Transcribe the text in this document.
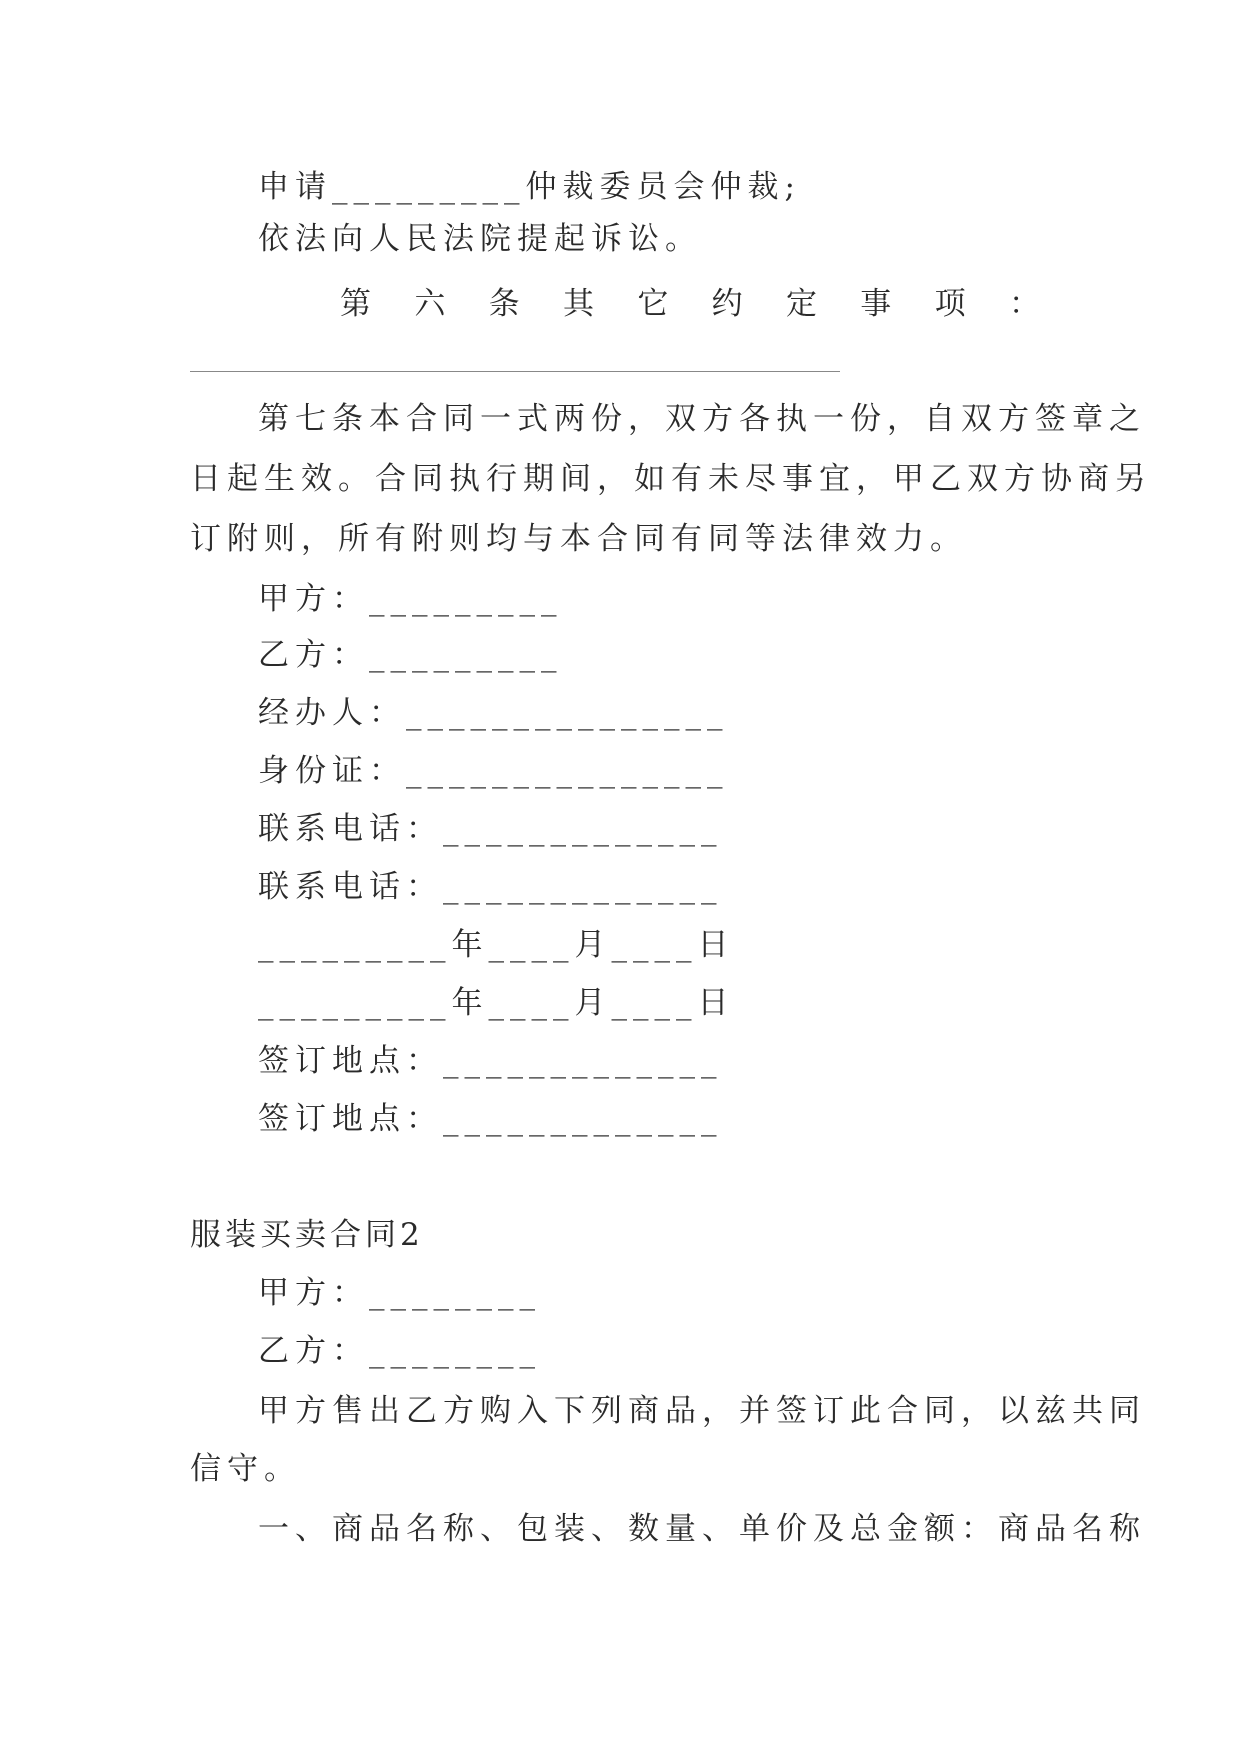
申请_________仲裁委员会仲裁;
依法向人民法院提起诉讼。
第 六 条 其 它 约 定 事 项 ：
第七条本合同一式两份，双方各执一份，自双方签章之
日起生效。合同执行期间，如有未尽事宜，甲乙双方协商另
订附则，所有附则均与本合同有同等法律效力。
甲方：_________
乙方：_________
经办人：_______________
身份证：_______________
联系电话：_____________
联系电话：_____________
_________年____月____日
_________年____月____日
签订地点：_____________
签订地点：_____________
服装买卖合同2
甲方：________
乙方：________
甲方售出乙方购入下列商品，并签订此合同，以兹共同
信守。
一、商品名称、包装、数量、单价及总金额：商品名称
